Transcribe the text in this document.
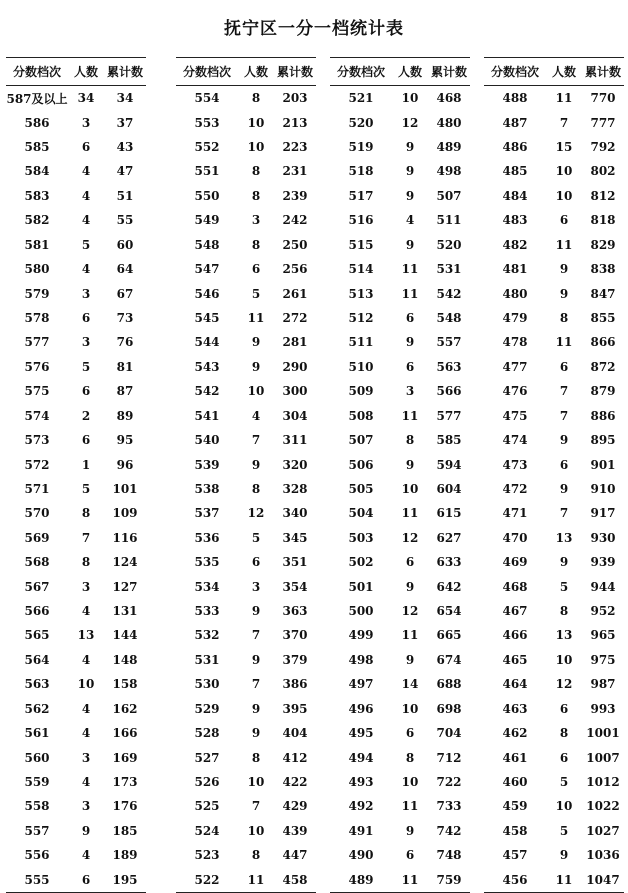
抚宁区一分一档统计表
分数档次	人数	累计数
587及以上	34	34
586	3	37
585	6	43
584	4	47
583	4	51
582	4	55
581	5	60
580	4	64
579	3	67
578	6	73
577	3	76
576	5	81
575	6	87
574	2	89
573	6	95
572	1	96
571	5	101
570	8	109
569	7	116
568	8	124
567	3	127
566	4	131
565	13	144
564	4	148
563	10	158
562	4	162
561	4	166
560	3	169
559	4	173
558	3	176
557	9	185
556	4	189
555	6	195
分数档次	人数	累计数
554	8	203
553	10	213
552	10	223
551	8	231
550	8	239
549	3	242
548	8	250
547	6	256
546	5	261
545	11	272
544	9	281
543	9	290
542	10	300
541	4	304
540	7	311
539	9	320
538	8	328
537	12	340
536	5	345
535	6	351
534	3	354
533	9	363
532	7	370
531	9	379
530	7	386
529	9	395
528	9	404
527	8	412
526	10	422
525	7	429
524	10	439
523	8	447
522	11	458
分数档次	人数	累计数
521	10	468
520	12	480
519	9	489
518	9	498
517	9	507
516	4	511
515	9	520
514	11	531
513	11	542
512	6	548
511	9	557
510	6	563
509	3	566
508	11	577
507	8	585
506	9	594
505	10	604
504	11	615
503	12	627
502	6	633
501	9	642
500	12	654
499	11	665
498	9	674
497	14	688
496	10	698
495	6	704
494	8	712
493	10	722
492	11	733
491	9	742
490	6	748
489	11	759
分数档次	人数	累计数
488	11	770
487	7	777
486	15	792
485	10	802
484	10	812
483	6	818
482	11	829
481	9	838
480	9	847
479	8	855
478	11	866
477	6	872
476	7	879
475	7	886
474	9	895
473	6	901
472	9	910
471	7	917
470	13	930
469	9	939
468	5	944
467	8	952
466	13	965
465	10	975
464	12	987
463	6	993
462	8	1001
461	6	1007
460	5	1012
459	10	1022
458	5	1027
457	9	1036
456	11	1047
